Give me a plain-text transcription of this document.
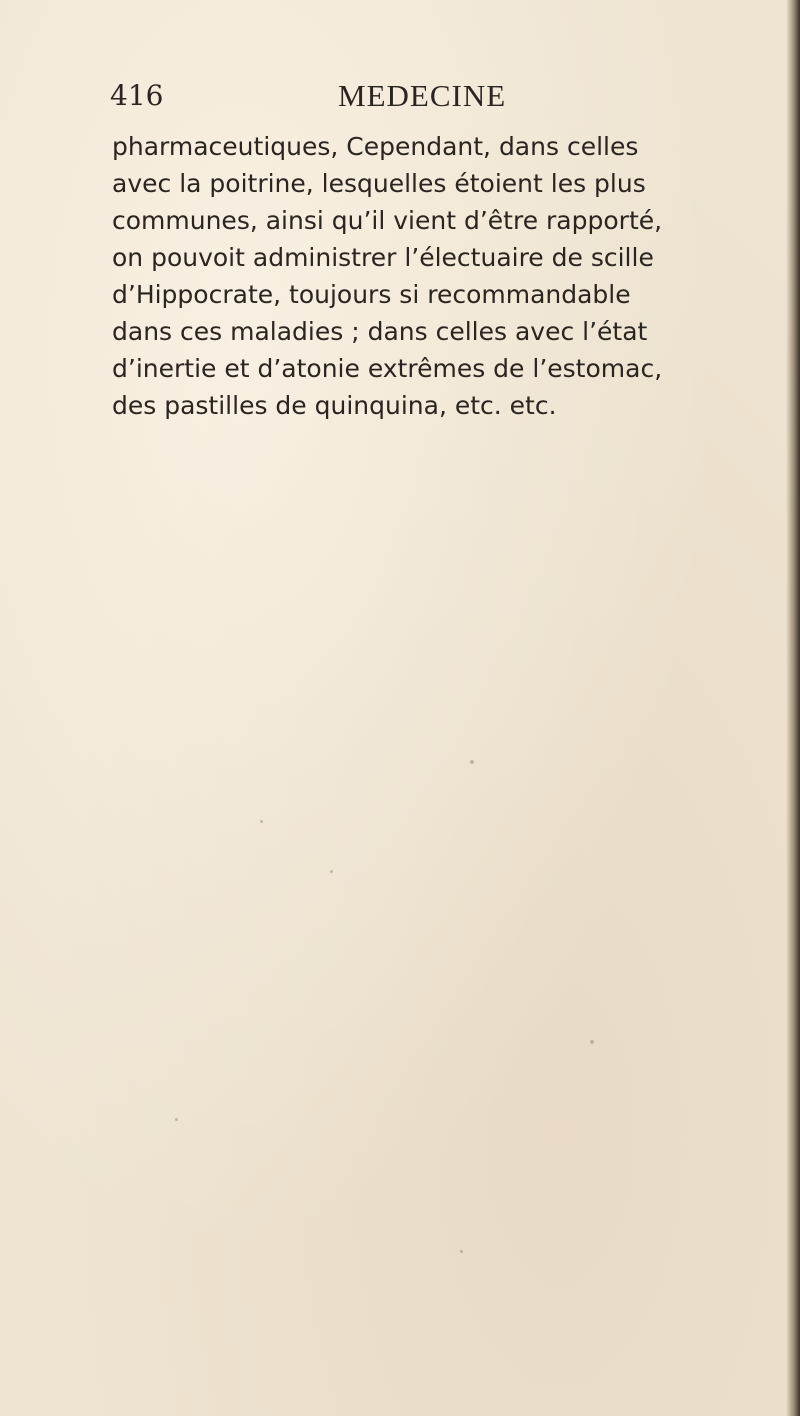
416	MEDECINE
pharmaceutiques, Cependant, dans celles
avec la poitrine, lesquelles étoient les plus
communes, ainsi qu’il vient d’être rapporté,
on pouvoit administrer l’électuaire de scille
d’Hippocrate, toujours si recommandable
dans ces maladies ; dans celles avec l’état
d’inertie et d’atonie extrêmes de l’estomac,
des pastilles de quinquina, etc. etc.
